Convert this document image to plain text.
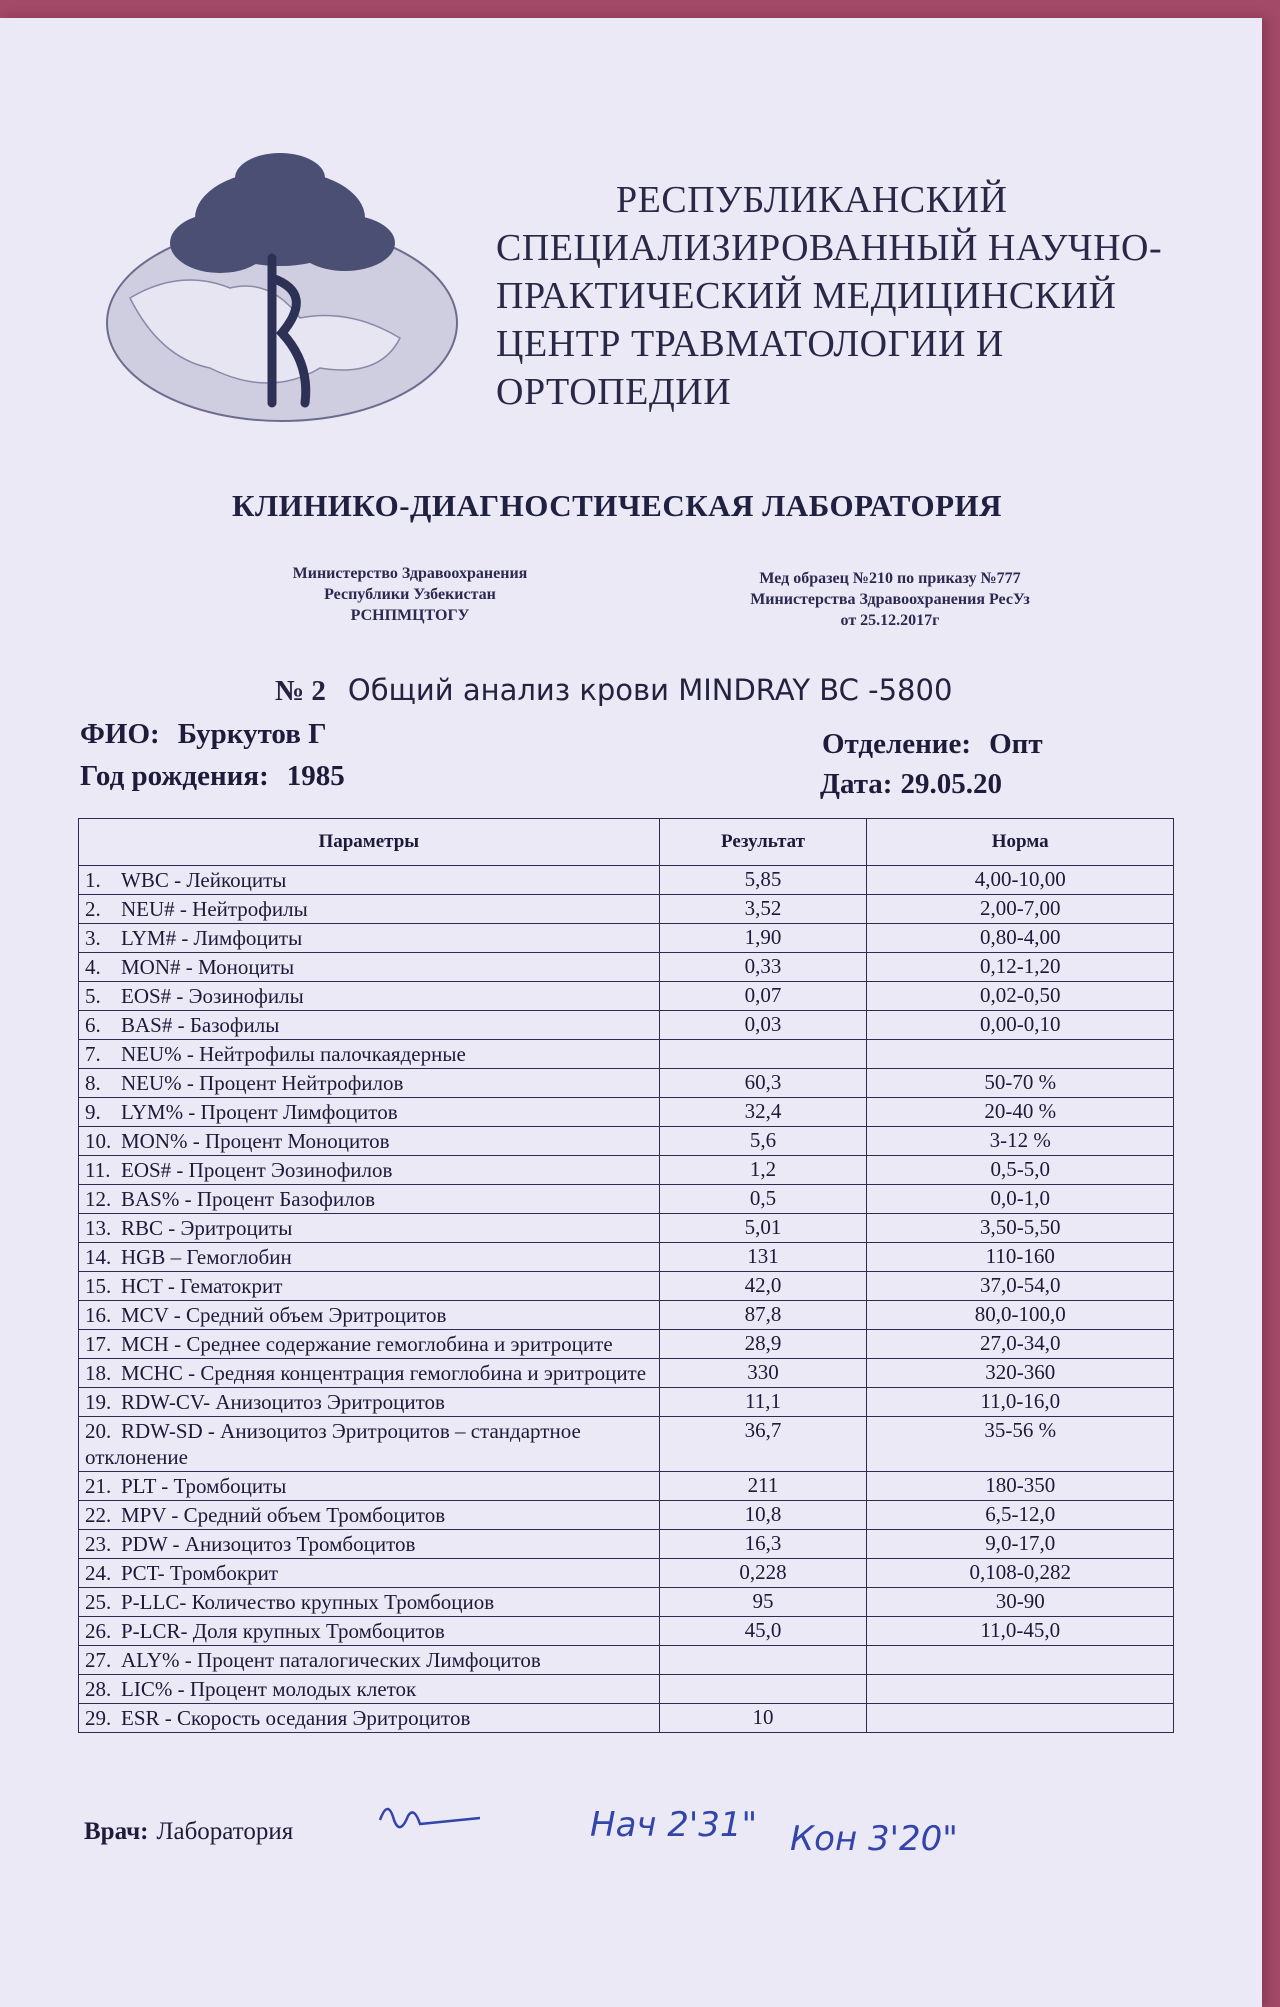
РЕСПУБЛИКАНСКИЙ
СПЕЦИАЛИЗИРОВАННЫЙ НАУЧНО-
ПРАКТИЧЕСКИЙ МЕДИЦИНСКИЙ
ЦЕНТР ТРАВМАТОЛОГИИ И
ОРТОПЕДИИ
КЛИНИКО-ДИАГНОСТИЧЕСКАЯ ЛАБОРАТОРИЯ
Министерство Здравоохранения
Республики Узбекистан
РСНПМЦТОГУ
Мед образец №210 по приказу №777
Министерства Здравоохранения РесУз
от 25.12.2017г
№ 2 Общий анализ крови MINDRAY BC -5800
ФИО: Буркутов Г
Год рождения: 1985
Отделение: Опт
Дата: 29.05.20
Параметры	Результат	Норма
1. WBC - Лейкоциты	5,85	4,00-10,00
2. NEU# - Нейтрофилы	3,52	2,00-7,00
3. LYM# - Лимфоциты	1,90	0,80-4,00
4. MON# - Моноциты	0,33	0,12-1,20
5. EOS# - Эозинофилы	0,07	0,02-0,50
6. BAS# - Базофилы	0,03	0,00-0,10
7. NEU% - Нейтрофилы палочкаядерные		
8. NEU% - Процент Нейтрофилов	60,3	50-70 %
9. LYM% - Процент Лимфоцитов	32,4	20-40 %
10. MON% - Процент Моноцитов	5,6	3-12 %
11. EOS# - Процент Эозинофилов	1,2	0,5-5,0
12. BAS% - Процент Базофилов	0,5	0,0-1,0
13. RBC - Эритроциты	5,01	3,50-5,50
14. HGB – Гемоглобин	131	110-160
15. HCT - Гематокрит	42,0	37,0-54,0
16. MCV - Средний объем Эритроцитов	87,8	80,0-100,0
17. MCH - Среднее содержание гемоглобина и эритроците	28,9	27,0-34,0
18. MCHC - Средняя концентрация гемоглобина и эритроците	330	320-360
19. RDW-CV- Анизоцитоз Эритроцитов	11,1	11,0-16,0
20. RDW-SD - Анизоцитоз Эритроцитов – стандартное отклонение	36,7	35-56 %
21. PLT - Тромбоциты	211	180-350
22. MPV - Средний объем Тромбоцитов	10,8	6,5-12,0
23. PDW - Анизоцитоз Тромбоцитов	16,3	9,0-17,0
24. PCT- Тромбокрит	0,228	0,108-0,282
25. P-LLC- Количество крупных Тромбоциов	95	30-90
26. P-LCR- Доля крупных Тромбоцитов	45,0	11,0-45,0
27. ALY% - Процент паталогических Лимфоцитов		
28. LIC% - Процент молодых клеток		
29. ESR - Скорость оседания Эритроцитов	10	
Врач: Лаборатория	Нач 2'31" Кон 3'20"
